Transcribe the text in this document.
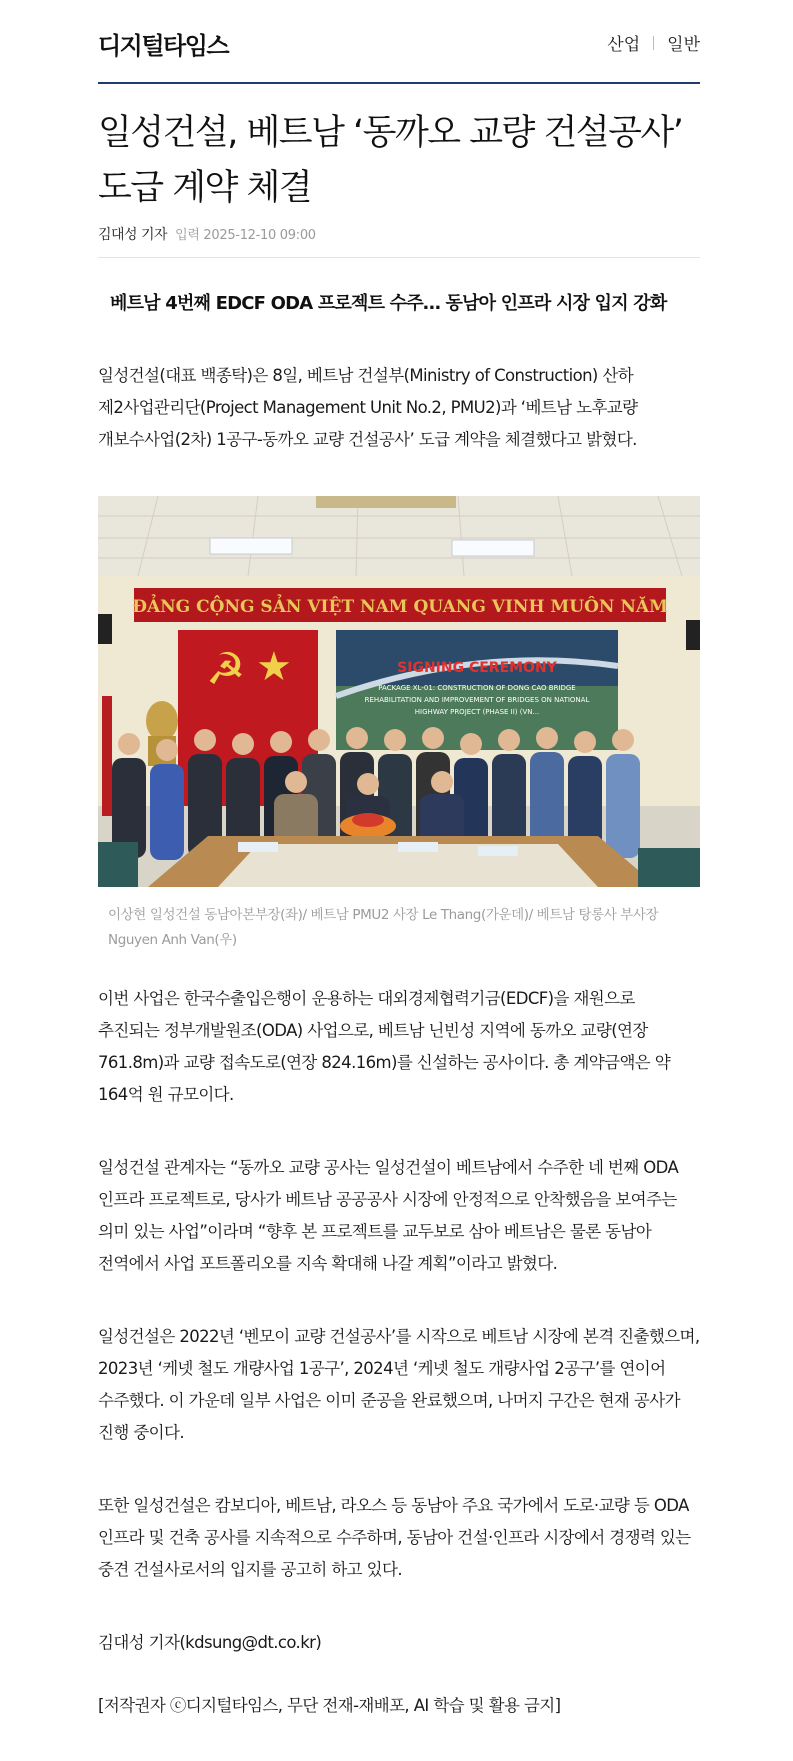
디지털타임스	산업 일반
일성건설, 베트남 ‘동까오 교량 건설공사’ 도급 계약 체결
김대성 기자 입력 2025-12-10 09:00
베트남 4번째 EDCF ODA 프로젝트 수주… 동남아 인프라 시장 입지 강화

일성건설(대표 백종탁)은 8일, 베트남 건설부(Ministry of Construction) 산하 제2사업관리단(Project Management Unit No.2, PMU2)과 ‘베트남 노후교량 개보수사업(2차) 1공구-동까오 교량 건설공사’ 도급 계약을 체결했다고 밝혔다.

ĐẢNG CỘNG SẢN VIỆT NAM QUANG VINH MUÔN NĂM
☭ ★	SIGNING CEREMONY
PACKAGE XL-01: CONSTRUCTION OF DONG CAO BRIDGE
REHABILITATION AND IMPROVEMENT OF BRIDGES ON NATIONAL
HIGHWAY PROJECT (PHASE II) (VN...

이상현 일성건설 동남아본부장(좌)/ 베트남 PMU2 사장 Le Thang(가운데)/ 베트남 탕롱사 부사장 Nguyen Anh Van(우)

이번 사업은 한국수출입은행이 운용하는 대외경제협력기금(EDCF)을 재원으로 추진되는 정부개발원조(ODA) 사업으로, 베트남 닌빈성 지역에 동까오 교량(연장 761.8m)과 교량 접속도로(연장 824.16m)를 신설하는 공사이다. 총 계약금액은 약 164억 원 규모이다.

일성건설 관계자는 “동까오 교량 공사는 일성건설이 베트남에서 수주한 네 번째 ODA 인프라 프로젝트로, 당사가 베트남 공공공사 시장에 안정적으로 안착했음을 보여주는 의미 있는 사업”이라며 “향후 본 프로젝트를 교두보로 삼아 베트남은 물론 동남아 전역에서 사업 포트폴리오를 지속 확대해 나갈 계획”이라고 밝혔다.

일성건설은 2022년 ‘벤모이 교량 건설공사’를 시작으로 베트남 시장에 본격 진출했으며, 2023년 ‘케넷 철도 개량사업 1공구’, 2024년 ‘케넷 철도 개량사업 2공구’를 연이어 수주했다. 이 가운데 일부 사업은 이미 준공을 완료했으며, 나머지 구간은 현재 공사가 진행 중이다.

또한 일성건설은 캄보디아, 베트남, 라오스 등 동남아 주요 국가에서 도로·교량 등 ODA 인프라 및 건축 공사를 지속적으로 수주하며, 동남아 건설·인프라 시장에서 경쟁력 있는 중견 건설사로서의 입지를 공고히 하고 있다.

김대성 기자(kdsung@dt.co.kr)

[저작권자 ⓒ디지털타임스, 무단 전재-재배포, AI 학습 및 활용 금지]
